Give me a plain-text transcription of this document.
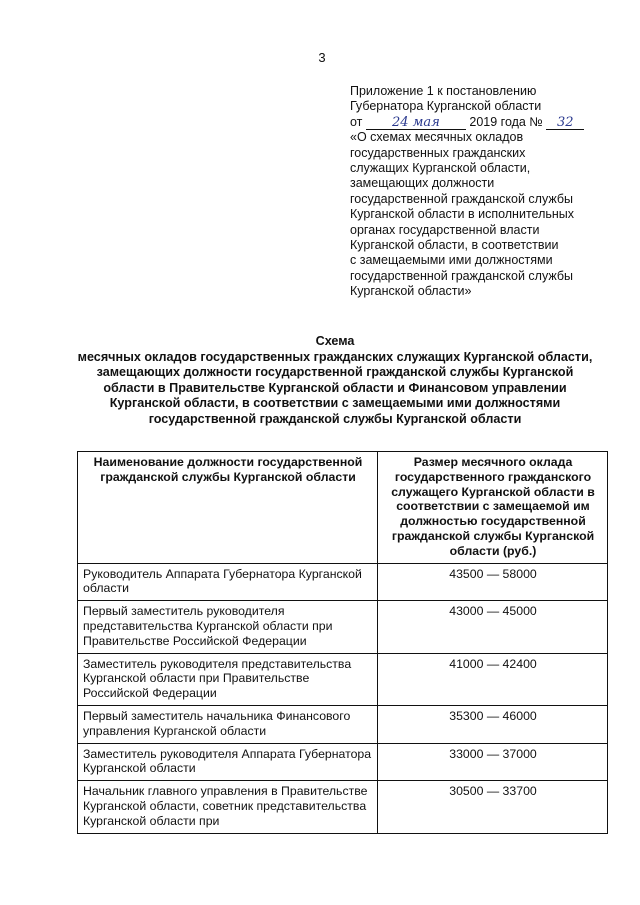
3
Приложение 1 к постановлению
Губернатора Курганской области
от 24 мая 2019 года № 32
«О схемах месячных окладов
государственных гражданских
служащих Курганской области,
замещающих должности
государственной гражданской службы
Курганской области в исполнительных
органах государственной власти
Курганской области, в соответствии
с замещаемыми ими должностями
государственной гражданской службы
Курганской области»
Схема
месячных окладов государственных гражданских служащих Курганской области,
замещающих должности государственной гражданской службы Курганской
области в Правительстве Курганской области и Финансовом управлении
Курганской области, в соответствии с замещаемыми ими должностями
государственной гражданской службы Курганской области
Наименование должности государственной гражданской службы Курганской области	Размер месячного оклада государственного гражданского служащего Курганской области в соответствии с замещаемой им должностью государственной гражданской службы Курганской области (руб.)
Руководитель Аппарата Губернатора Курганской области	43500 — 58000
Первый заместитель руководителя представительства Курганской области при Правительстве Российской Федерации	43000 — 45000
Заместитель руководителя представительства Курганской области при Правительстве Российской Федерации	41000 — 42400
Первый заместитель начальника Финансового управления Курганской области	35300 — 46000
Заместитель руководителя Аппарата Губернатора Курганской области	33000 — 37000
Начальник главного управления в Правительстве Курганской области, советник представительства Курганской области при	30500 — 33700
